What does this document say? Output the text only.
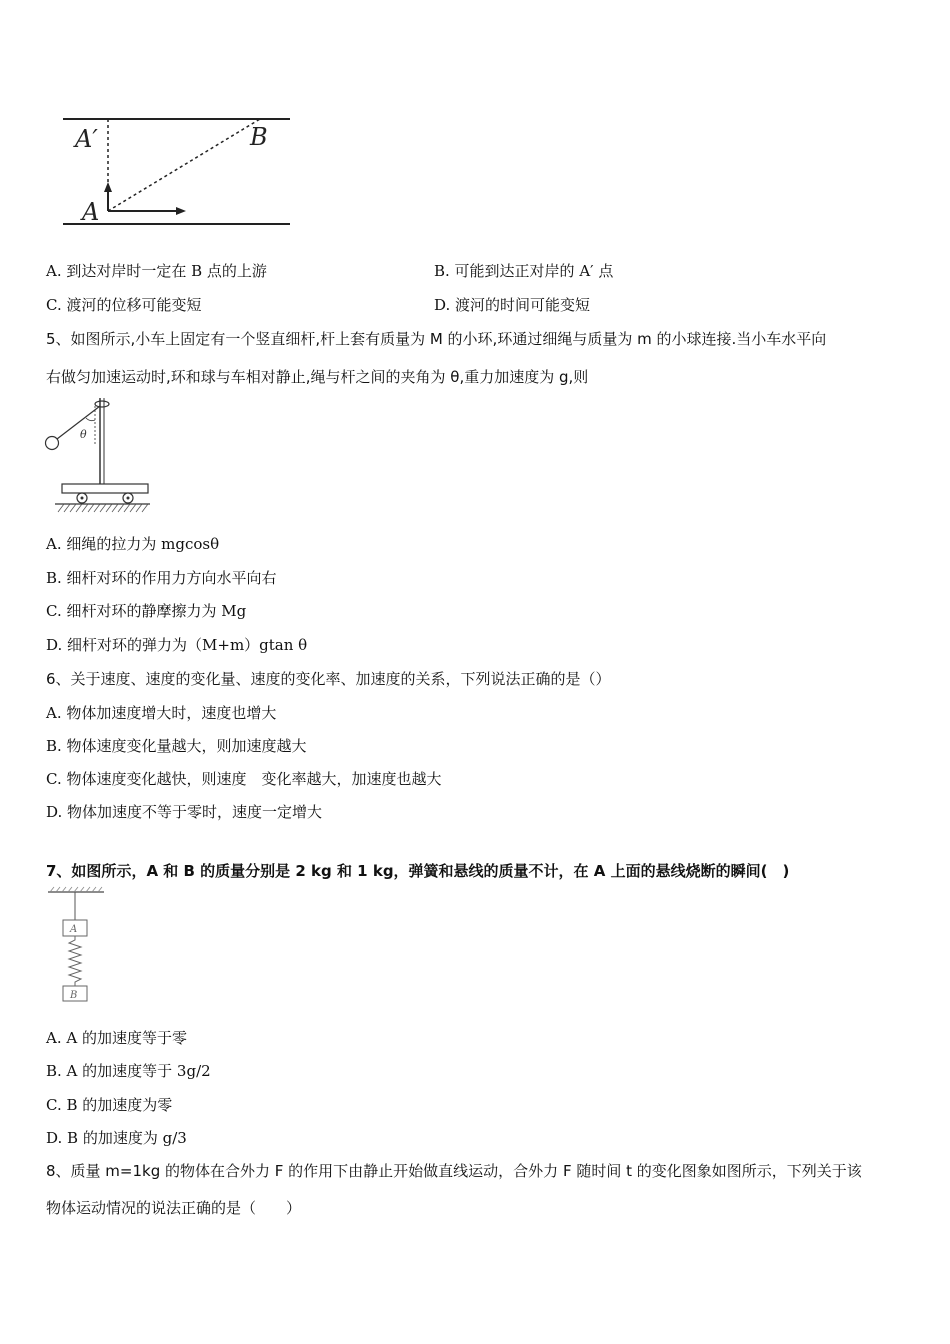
A′	B
A
A. 到达对岸时一定在 B 点的上游	B. 可能到达正对岸的 A′ 点
C. 渡河的位移可能变短	D. 渡河的时间可能变短
5、如图所示,小车上固定有一个竖直细杆,杆上套有质量为 M 的小环,环通过细绳与质量为 m 的小球连接.当小车水平向
右做匀加速运动时,环和球与车相对静止,绳与杆之间的夹角为 θ,重力加速度为 g,则
θ
A. 细绳的拉力为 mgcosθ
B. 细杆对环的作用力方向水平向右
C. 细杆对环的静摩擦力为 Mg
D. 细杆对环的弹力为（M+m）gtan θ
6、关于速度、速度的变化量、速度的变化率、加速度的关系，下列说法正确的是（）
A. 物体加速度增大时，速度也增大
B. 物体速度变化量越大，则加速度越大
C. 物体速度变化越快，则速度　变化率越大，加速度也越大
D. 物体加速度不等于零时，速度一定增大
7、如图所示，A 和 B 的质量分别是 2 kg 和 1 kg，弹簧和悬线的质量不计，在 A 上面的悬线烧断的瞬间(　)
A
B
A. A 的加速度等于零
B. A 的加速度等于 3g/2
C. B 的加速度为零
D. B 的加速度为 g/3
8、质量 m=1kg 的物体在合外力 F 的作用下由静止开始做直线运动，合外力 F 随时间 t 的变化图象如图所示，下列关于该
物体运动情况的说法正确的是（　　）
